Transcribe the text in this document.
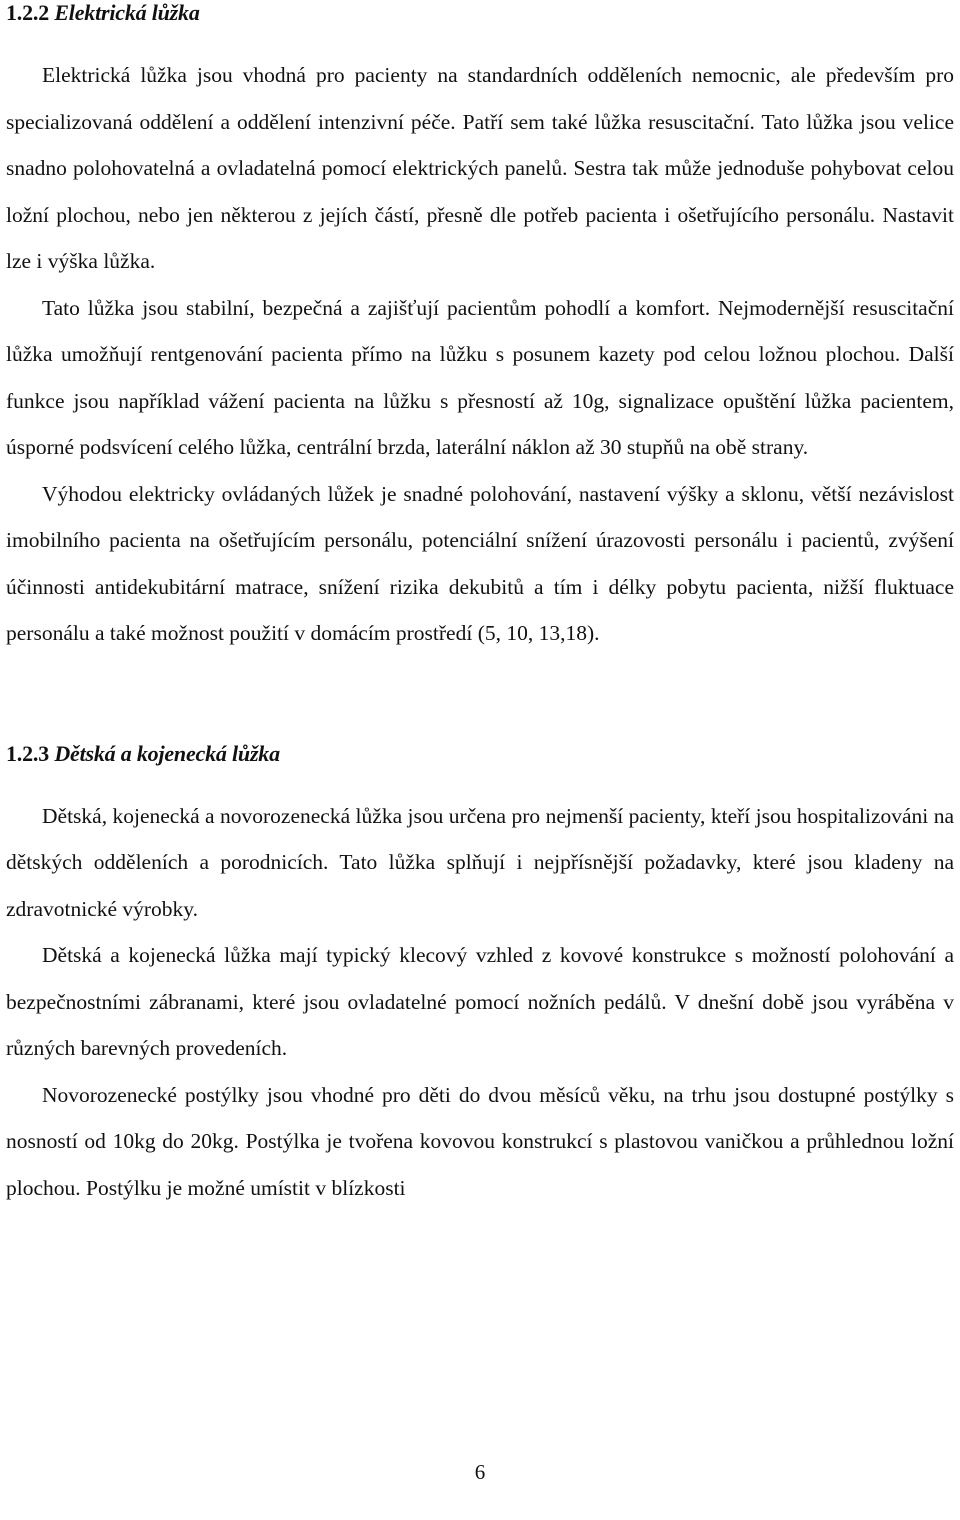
1.2.2 Elektrická lůžka

Elektrická lůžka jsou vhodná pro pacienty na standardních odděleních nemocnic, ale především pro specializovaná oddělení a oddělení intenzivní péče. Patří sem také lůžka resuscitační. Tato lůžka jsou velice snadno polohovatelná a ovladatelná pomocí elektrických panelů. Sestra tak může jednoduše pohybovat celou ložní plochou, nebo jen některou z jejích částí, přesně dle potřeb pacienta i ošetřujícího personálu. Nastavit lze i výška lůžka.

Tato lůžka jsou stabilní, bezpečná a zajišťují pacientům pohodlí a komfort. Nejmodernější resuscitační lůžka umožňují rentgenování pacienta přímo na lůžku s posunem kazety pod celou ložnou plochou. Další funkce jsou například vážení pacienta na lůžku s přesností až 10g, signalizace opuštění lůžka pacientem, úsporné podsvícení celého lůžka, centrální brzda, laterální náklon až 30 stupňů na obě strany.

Výhodou elektricky ovládaných lůžek je snadné polohování, nastavení výšky a sklonu, větší nezávislost imobilního pacienta na ošetřujícím personálu, potenciální snížení úrazovosti personálu i pacientů, zvýšení účinnosti antidekubitární matrace, snížení rizika dekubitů a tím i délky pobytu pacienta, nižší fluktuace personálu a také možnost použití v domácím prostředí (5, 10, 13,18).

1.2.3 Dětská a kojenecká lůžka

Dětská, kojenecká a novorozenecká lůžka jsou určena pro nejmenší pacienty, kteří jsou hospitalizováni na dětských odděleních a porodnicích. Tato lůžka splňují i nejpřísnější požadavky, které jsou kladeny na zdravotnické výrobky.

Dětská a kojenecká lůžka mají typický klecový vzhled z kovové konstrukce s možností polohování a bezpečnostními zábranami, které jsou ovladatelné pomocí nožních pedálů. V dnešní době jsou vyráběna v různých barevných provedeních.

Novorozenecké postýlky jsou vhodné pro děti do dvou měsíců věku, na trhu jsou dostupné postýlky s nosností od 10kg do 20kg. Postýlka je tvořena kovovou konstrukcí s plastovou vaničkou a průhlednou ložní plochou. Postýlku je možné umístit v blízkosti

6
